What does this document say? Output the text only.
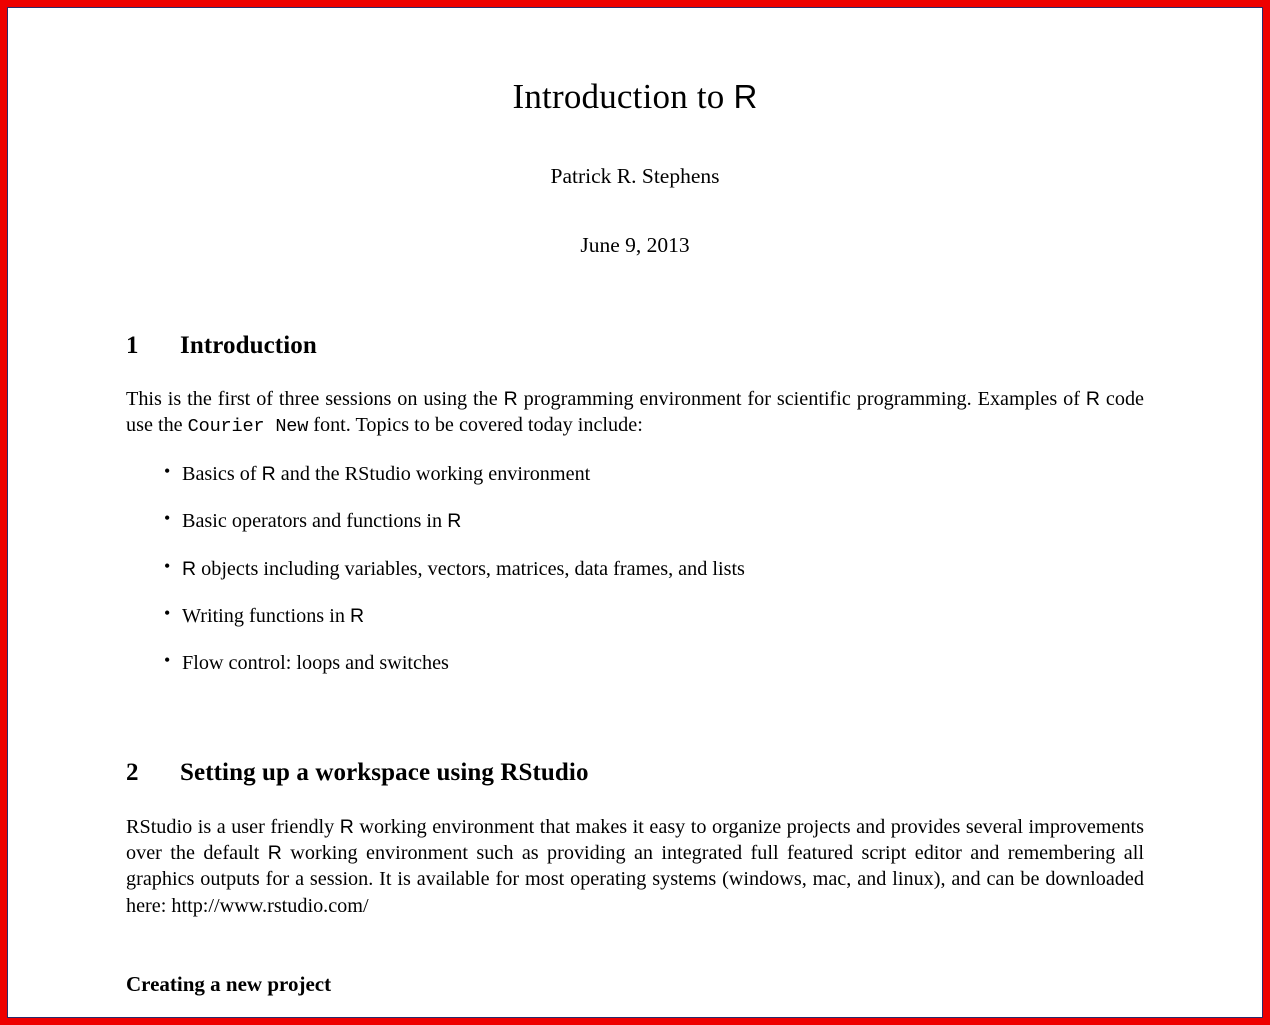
Introduction to R
Patrick R. Stephens
June 9, 2013
1 Introduction

This is the first of three sessions on using the R programming environment for scientific programming. Examples of R code use the Courier New font. Topics to be covered today include:

• Basics of R and the RStudio working environment
• Basic operators and functions in R
• R objects including variables, vectors, matrices, data frames, and lists
• Writing functions in R
• Flow control: loops and switches
2 Setting up a workspace using RStudio

RStudio is a user friendly R working environment that makes it easy to organize projects and provides several improvements over the default R working environment such as providing an integrated full featured script editor and remembering all graphics outputs for a session. It is available for most operating systems (windows, mac, and linux), and can be downloaded here: http://www.rstudio.com/

Creating a new project
